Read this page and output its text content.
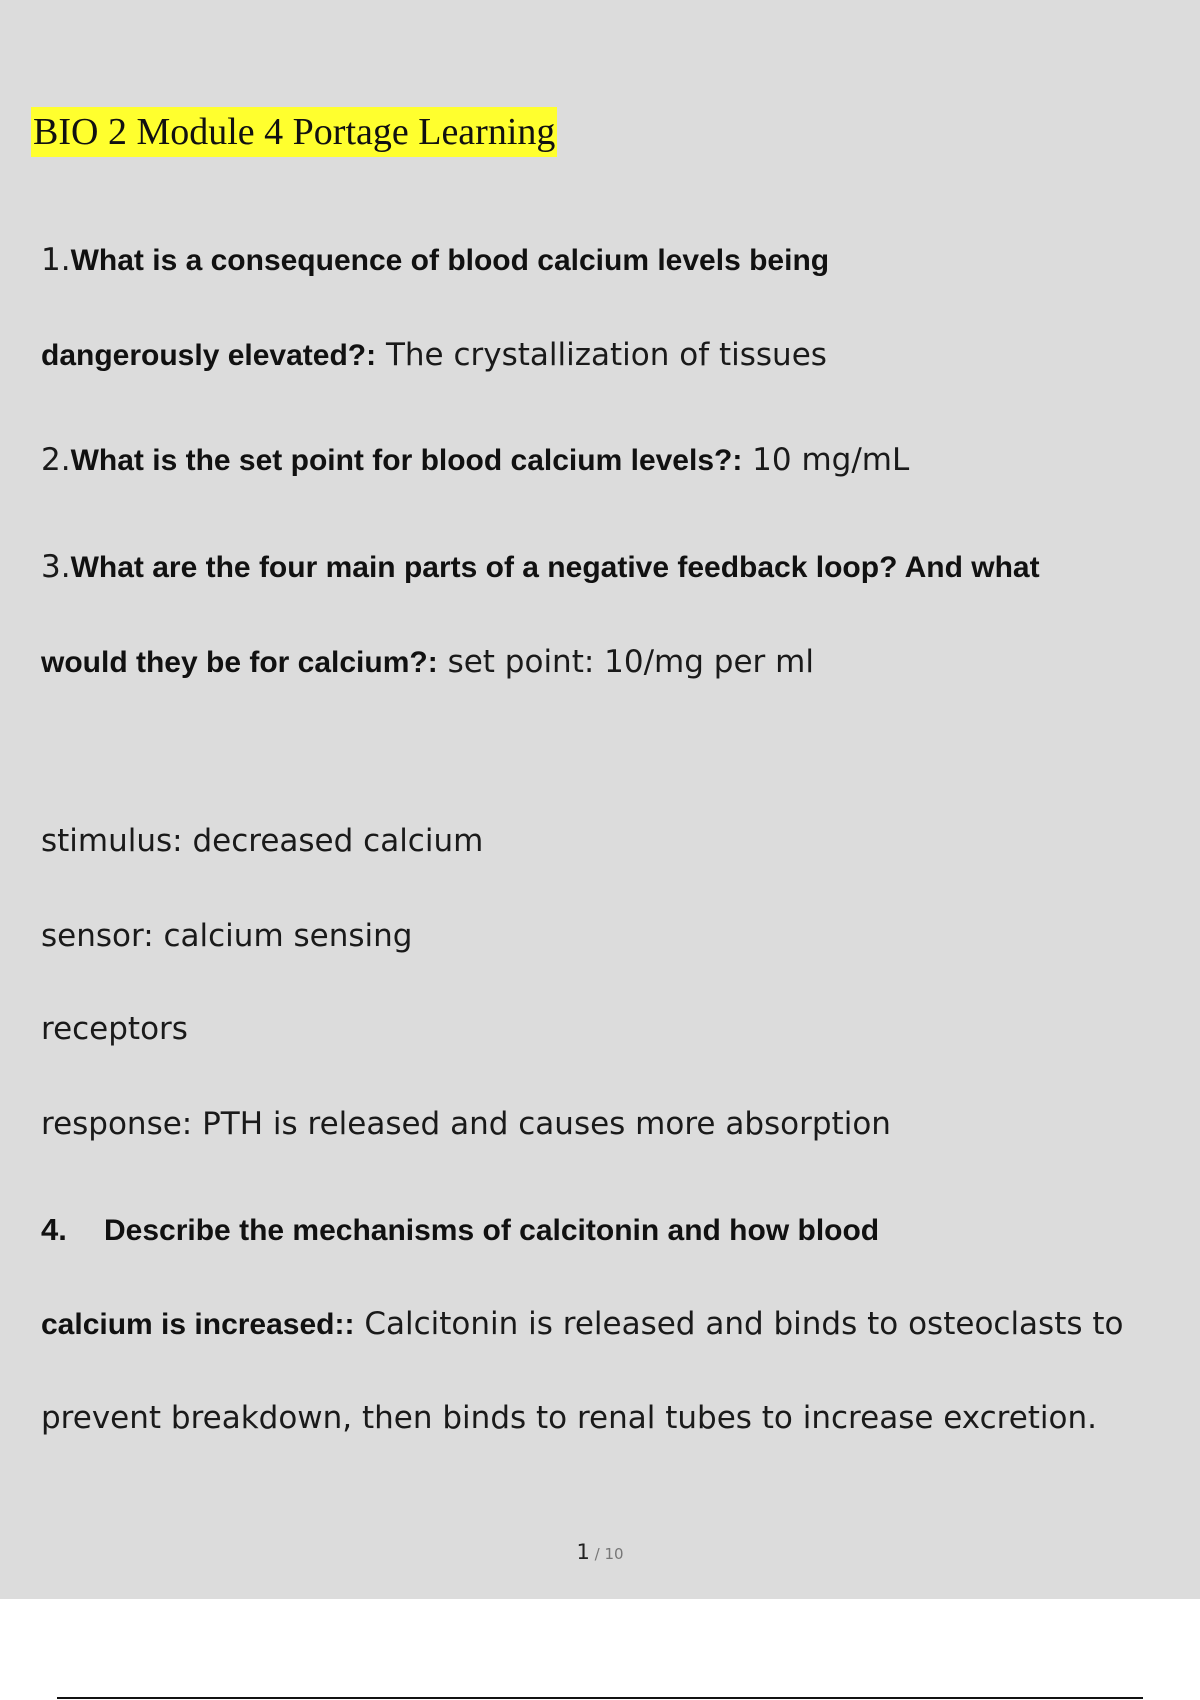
BIO 2 Module 4 Portage Learning
1.What is a consequence of blood calcium levels being
dangerously elevated?: The crystallization of tissues
2.What is the set point for blood calcium levels?: 10 mg/mL
3.What are the four main parts of a negative feedback loop? And what
would they be for calcium?: set point: 10/mg per ml
stimulus: decreased calcium
sensor: calcium sensing
receptors
response: PTH is released and causes more absorption
4. Describe the mechanisms of calcitonin and how blood
calcium is increased:: Calcitonin is released and binds to osteoclasts to
prevent breakdown, then binds to renal tubes to increase excretion.
1 / 10
